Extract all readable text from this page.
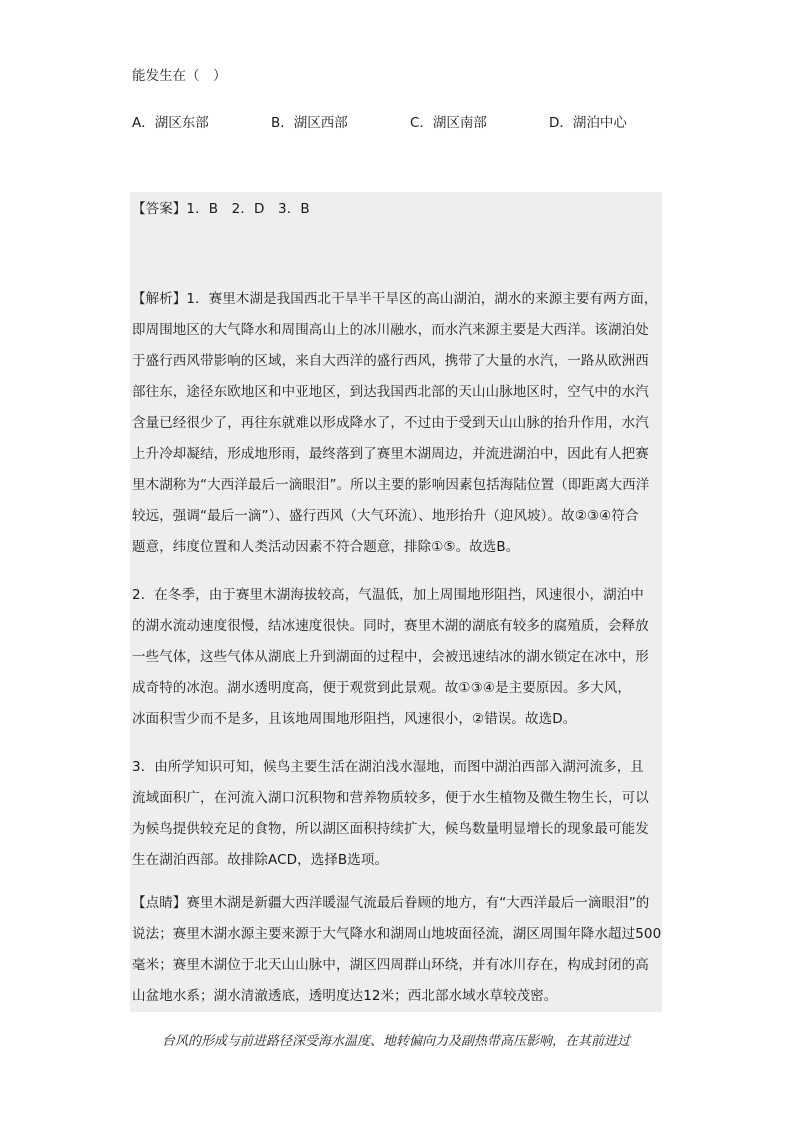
能发生在（　）
A．湖区东部	B．湖区西部	C．湖区南部	D．湖泊中心
【答案】1．B　2．D　3．B
【解析】1．赛里木湖是我国西北干旱半干旱区的高山湖泊，湖水的来源主要有两方面，
即周围地区的大气降水和周围高山上的冰川融水，而水汽来源主要是大西洋。该湖泊处
于盛行西风带影响的区域，来自大西洋的盛行西风，携带了大量的水汽，一路从欧洲西
部往东，途径东欧地区和中亚地区，到达我国西北部的天山山脉地区时，空气中的水汽
含量已经很少了，再往东就难以形成降水了，不过由于受到天山山脉的抬升作用，水汽
上升冷却凝结，形成地形雨，最终落到了赛里木湖周边，并流进湖泊中，因此有人把赛
里木湖称为“大西洋最后一滴眼泪”。所以主要的影响因素包括海陆位置（即距离大西洋
较远，强调“最后一滴”）、盛行西风（大气环流）、地形抬升（迎风坡）。故②③④符合
题意，纬度位置和人类活动因素不符合题意，排除①⑤。故选B。
2．在冬季，由于赛里木湖海拔较高，气温低，加上周围地形阻挡，风速很小，湖泊中
的湖水流动速度很慢，结冰速度很快。同时，赛里木湖的湖底有较多的腐殖质，会释放
一些气体，这些气体从湖底上升到湖面的过程中，会被迅速结冰的湖水锁定在冰中，形
成奇特的冰泡。湖水透明度高，便于观赏到此景观。故①③④是主要原因。多大风，
冰面积雪少而不是多，且该地周围地形阻挡，风速很小，②错误。故选D。
3．由所学知识可知，候鸟主要生活在湖泊浅水湿地，而图中湖泊西部入湖河流多，且
流域面积广，在河流入湖口沉积物和营养物质较多，便于水生植物及微生物生长，可以
为候鸟提供较充足的食物，所以湖区面积持续扩大，候鸟数量明显增长的现象最可能发
生在湖泊西部。故排除ACD，选择B选项。
【点睛】赛里木湖是新疆大西洋暖湿气流最后眷顾的地方，有“大西洋最后一滴眼泪”的
说法；赛里木湖水源主要来源于大气降水和湖周山地坡面径流，湖区周围年降水超过500
毫米；赛里木湖位于北天山山脉中，湖区四周群山环绕，并有冰川存在，构成封闭的高
山盆地水系；湖水清澈透底，透明度达12米；西北部水域水草较茂密。
台风的形成与前进路径深受海水温度、地转偏向力及副热带高压影响，在其前进过
